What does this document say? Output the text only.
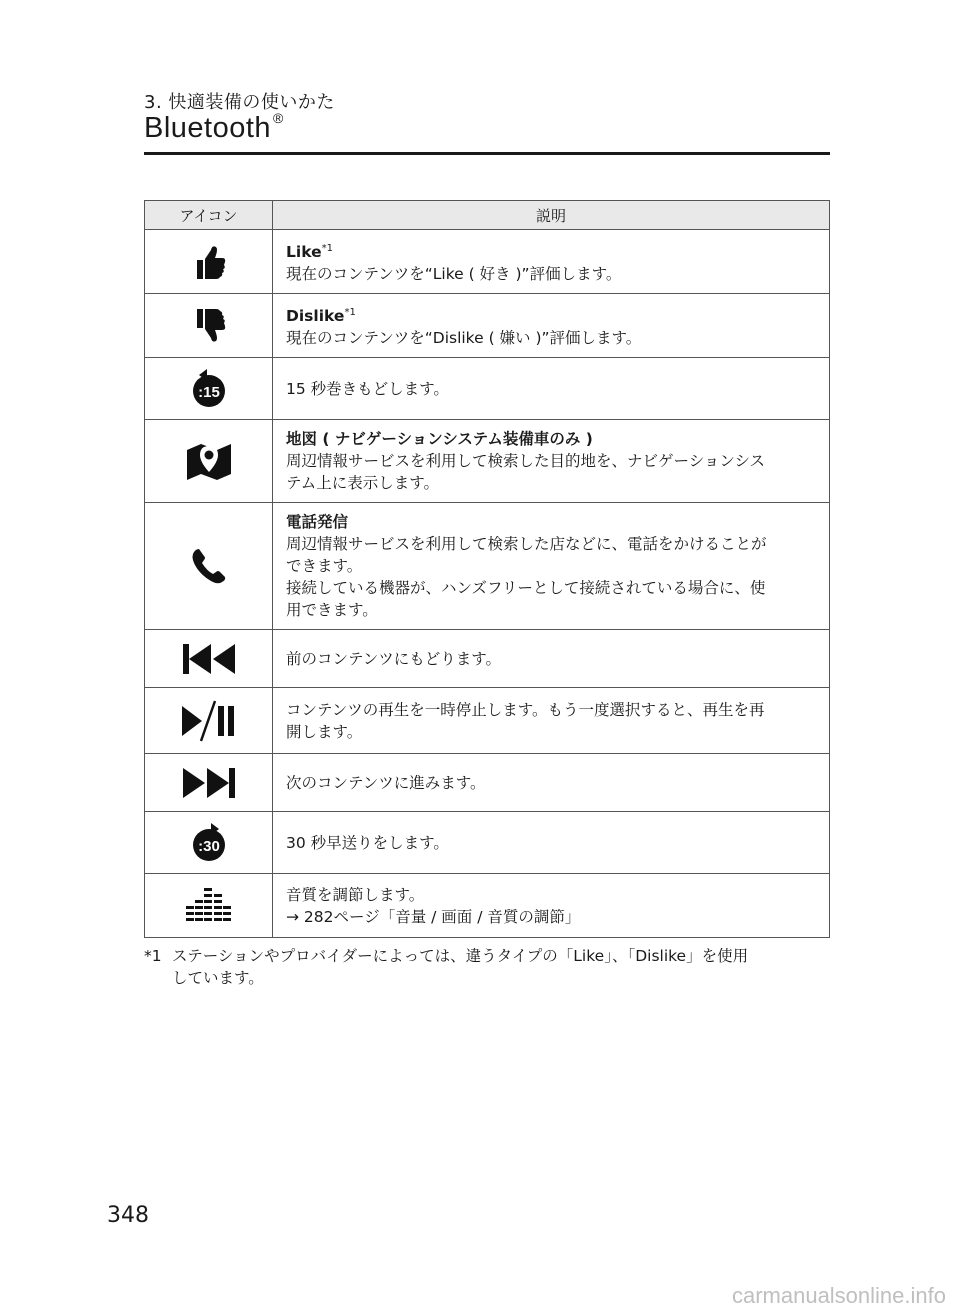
3. 快適装備の使いかた
Bluetooth ®
アイコン	説明

Like$^{*1}$
現在のコンテンツを“Like ( 好き )”評価します。

Dislike$^{*1}$
現在のコンテンツを“Dislike ( 嫌い )”評価します。

:15	15 秒巻きもどします。

地図 ( ナビゲーションシステム装備車のみ )
周辺情報サービスを利用して検索した目的地を、ナビゲーションシス
テム上に表示します。

電話発信
周辺情報サービスを利用して検索した店などに、電話をかけることが
できます。
接続している機器が、ハンズフリーとして接続されている場合に、使
用できます。

前のコンテンツにもどります。

コンテンツの再生を一時停止します。もう一度選択すると、再生を再
開します。

次のコンテンツに進みます。

:30	30 秒早送りをします。

音質を調節します。
→ 282ページ「音量 / 画面 / 音質の調節」
*1 ステーションやプロバイダーによっては、違うタイプの「Like」、「Dislike」を使用
しています。
348
carmanualsonline.info
